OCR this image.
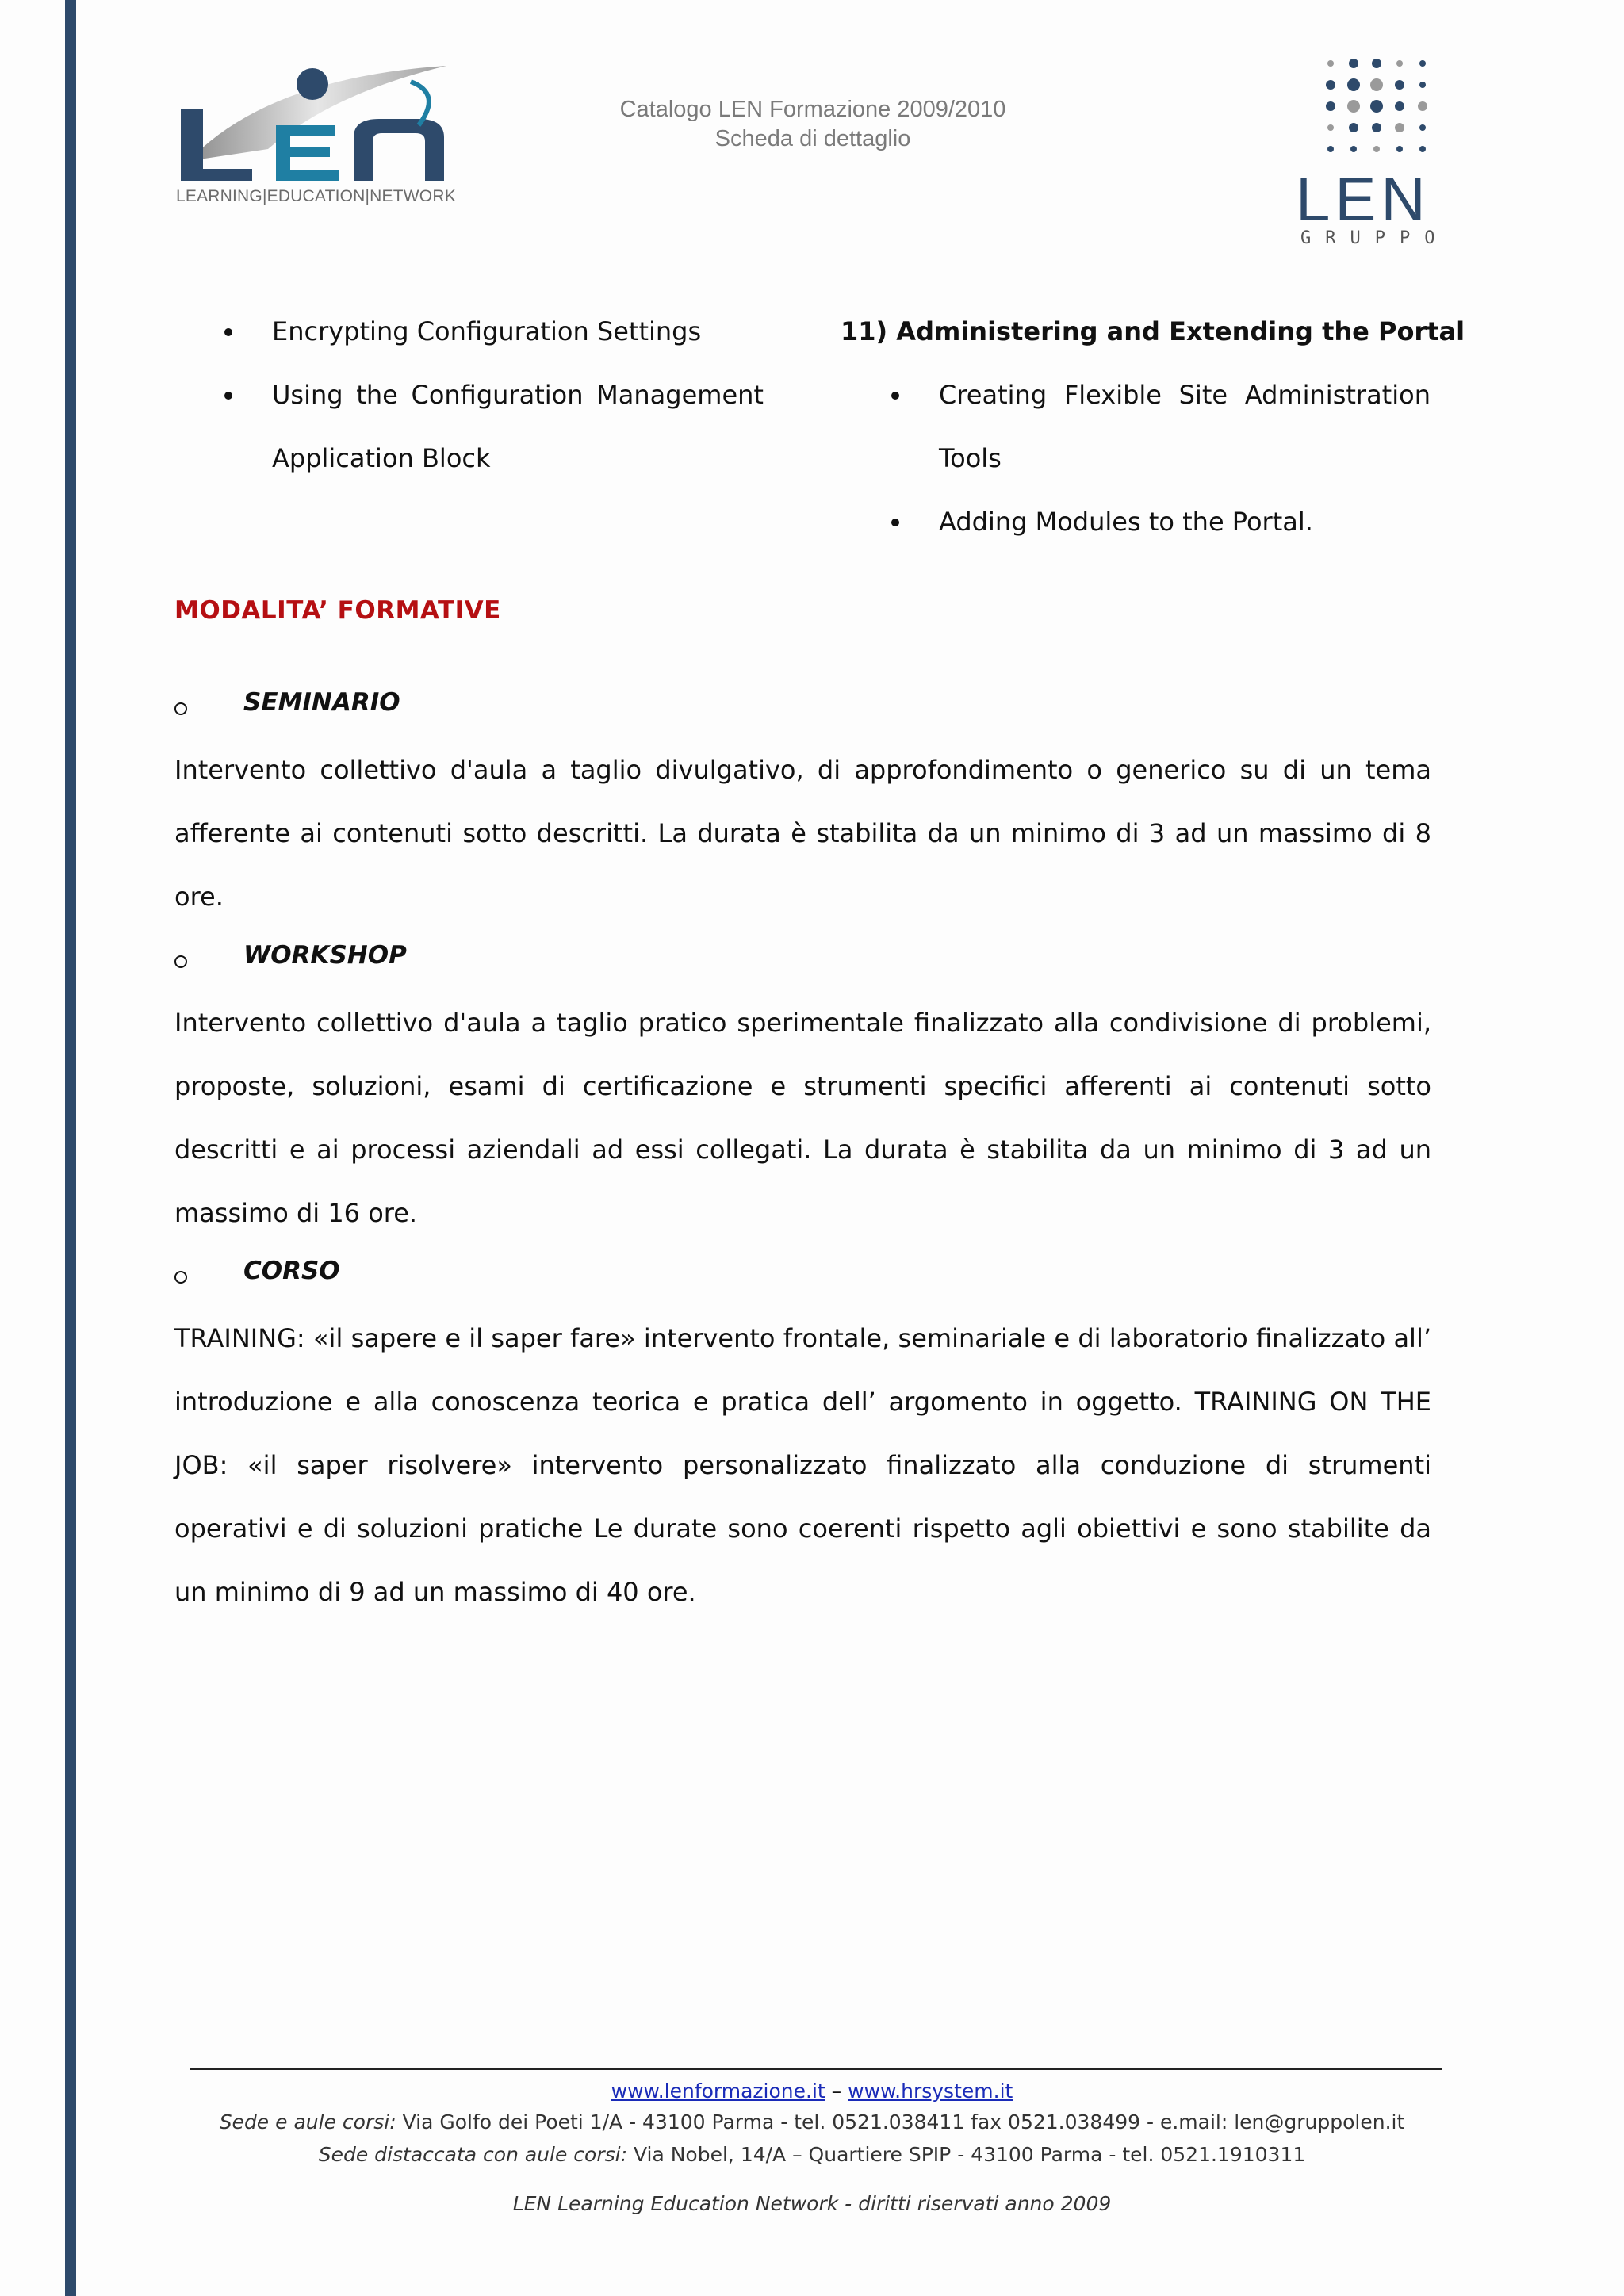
LEARNING|EDUCATION|NETWORK
Catalogo LEN Formazione 2009/2010
Scheda di dettaglio
LEN
GRUPPO
Encrypting Configuration Settings
Using the Configuration Management
Application Block
11) Administering and Extending the Portal
Creating Flexible Site Administration
Tools
Adding Modules to the Portal.
MODALITA’ FORMATIVE
SEMINARIO

Intervento collettivo d'aula a taglio divulgativo, di approfondimento o generico su di un tema afferente ai contenuti sotto descritti. La durata è stabilita da un minimo di 3 ad un massimo di 8 ore.

WORKSHOP

Intervento collettivo d'aula a taglio pratico sperimentale finalizzato alla condivisione di problemi, proposte, soluzioni, esami di certificazione e strumenti specifici afferenti ai contenuti sotto descritti e ai processi aziendali ad essi collegati. La durata è stabilita da un minimo di 3 ad un massimo di 16 ore.

CORSO

TRAINING: «il sapere e il saper fare» intervento frontale, seminariale e di laboratorio finalizzato all’ introduzione e alla conoscenza teorica e pratica dell’ argomento in oggetto. TRAINING ON THE JOB: «il saper risolvere» intervento personalizzato finalizzato alla conduzione di strumenti operativi e di soluzioni pratiche Le durate sono coerenti rispetto agli obiettivi e sono stabilite da un minimo di 9 ad un massimo di 40 ore.

www.lenformazione.it – www.hrsystem.it
Sede e aule corsi: Via Golfo dei Poeti 1/A - 43100 Parma - tel. 0521.038411 fax 0521.038499 - e.mail: len@gruppolen.it
Sede distaccata con aule corsi: Via Nobel, 14/A – Quartiere SPIP - 43100 Parma - tel. 0521.1910311
LEN Learning Education Network - diritti riservati anno 2009
